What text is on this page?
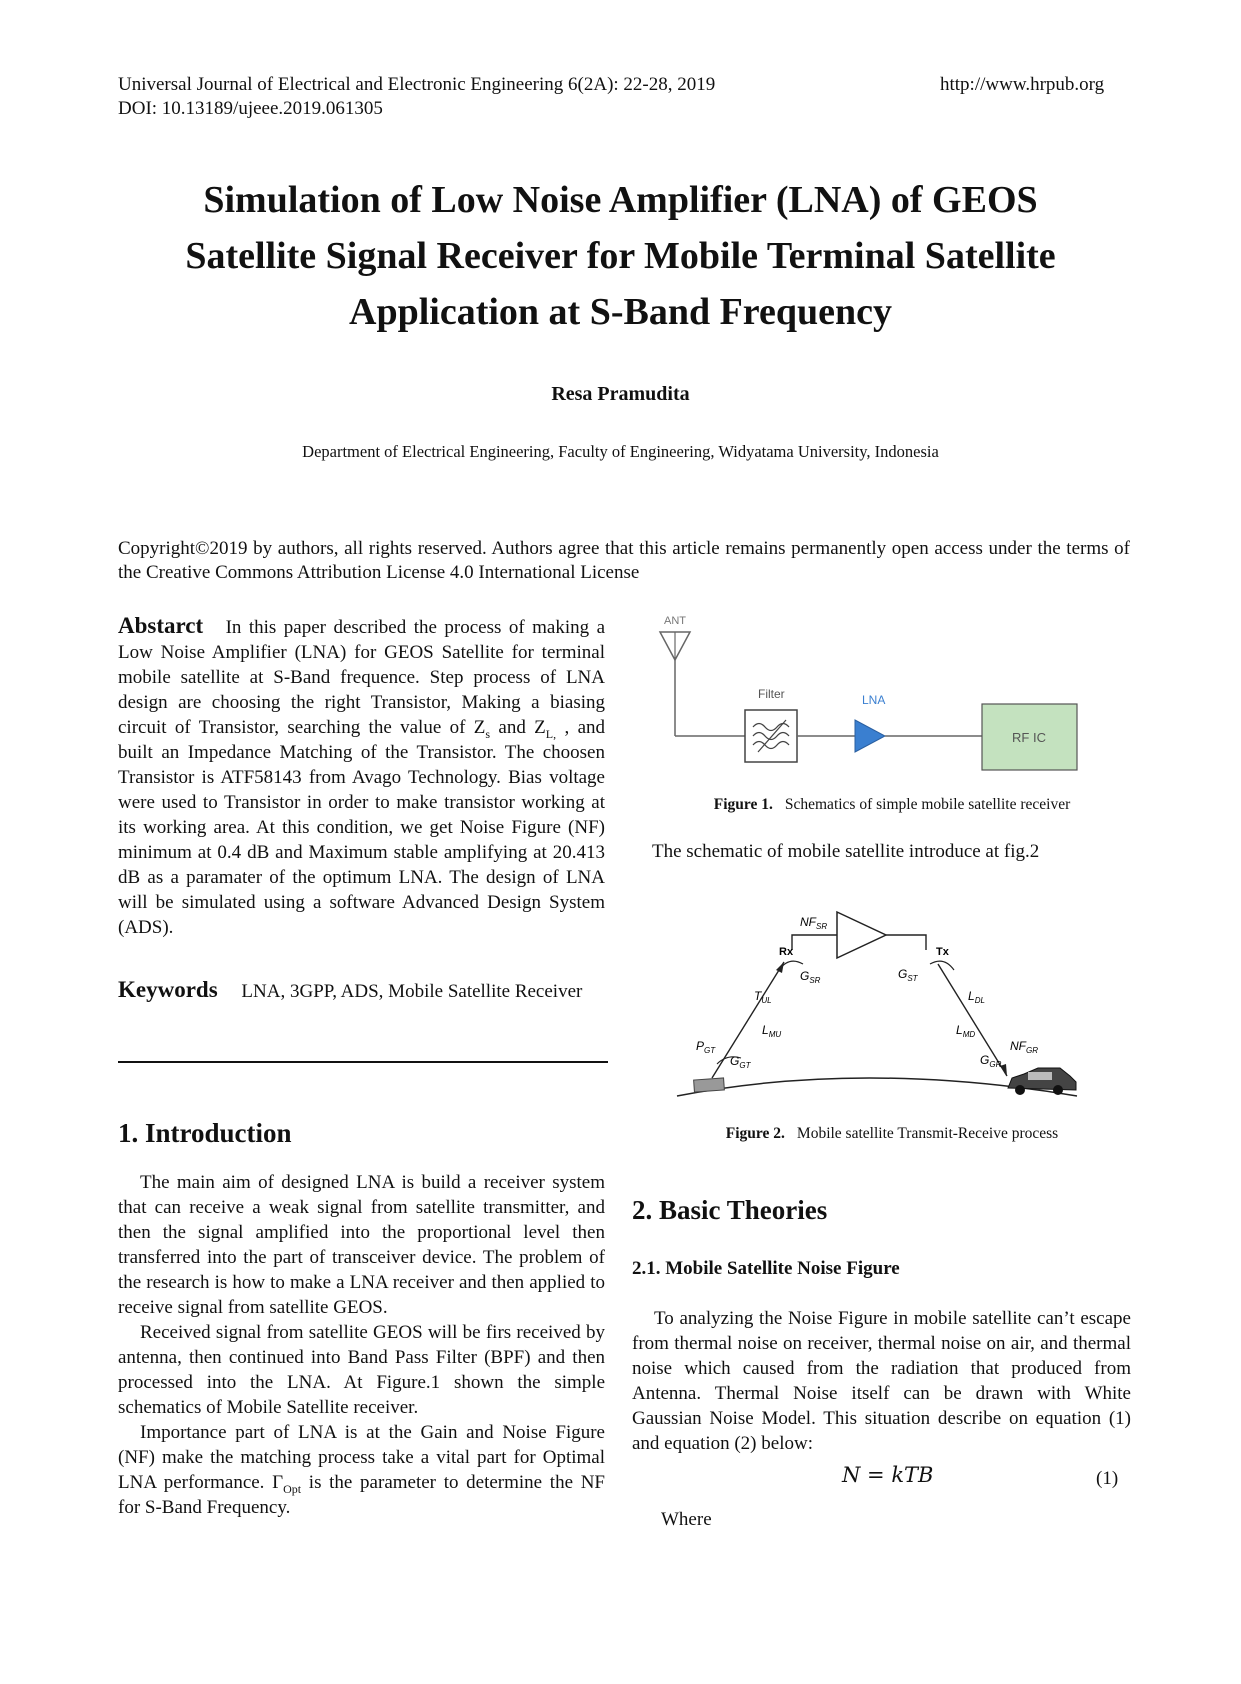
Universal Journal of Electrical and Electronic Engineering 6(2A): 22-28, 2019
DOI: 10.13189/ujeee.2019.061305
http://www.hrpub.org
Simulation of Low Noise Amplifier (LNA) of GEOS
Satellite Signal Receiver for Mobile Terminal Satellite
Application at S-Band Frequency
Resa Pramudita
Department of Electrical Engineering, Faculty of Engineering, Widyatama University, Indonesia
Copyright©2019 by authors, all rights reserved. Authors agree that this article remains permanently open access under the terms of the Creative Commons Attribution License 4.0 International License
Abstarct In this paper described the process of making a Low Noise Amplifier (LNA) for GEOS Satellite for terminal mobile satellite at S-Band frequence. Step process of LNA design are choosing the right Transistor, Making a biasing circuit of Transistor, searching the value of $Z_s$ and $Z_{L,}$ , and built an Impedance Matching of the Transistor. The choosen Transistor is ATF58143 from Avago Technology. Bias voltage were used to Transistor in order to make transistor working at its working area. At this condition, we get Noise Figure (NF) minimum at 0.4 dB and Maximum stable amplifying at 20.413 dB as a paramater of the optimum LNA. The design of LNA will be simulated using a software Advanced Design System (ADS).
Keywords LNA, 3GPP, ADS, Mobile Satellite Receiver
1. Introduction

The main aim of designed LNA is build a receiver system that can receive a weak signal from satellite transmitter, and then the signal amplified into the proportional level then transferred into the part of transceiver device. The problem of the research is how to make a LNA receiver and then applied to receive signal from satellite GEOS.

Received signal from satellite GEOS will be firs received by antenna, then continued into Band Pass Filter (BPF) and then processed into the LNA. At Figure.1 shown the simple schematics of Mobile Satellite receiver.

Importance part of LNA is at the Gain and Noise Figure (NF) make the matching process take a vital part for Optimal LNA performance. $\Gamma_{Opt}$ is the parameter to determine the NF for S-Band Frequency.

ANT
Filter	LNA
RF IC
Figure 1. Schematics of simple mobile satellite receiver
The schematic of mobile satellite introduce at fig.2
$NF_{SR}$
Rx	Tx
$G_{SR}$	$G_{ST}$
$T_{UL}$
$L_{MU}$
$L_{DL}$
$L_{MD}$
$P_{GT}$
$G_{GT}$
$NF_{GR}$
$G_{GR}$
Figure 2. Mobile satellite Transmit-Receive process
2. Basic Theories
2.1. Mobile Satellite Noise Figure

To analyzing the Noise Figure in mobile satellite can’t escape from thermal noise on receiver, thermal noise on air, and thermal noise which caused from the radiation that produced from Antenna. Thermal Noise itself can be drawn with White Gaussian Noise Model. This situation describe on equation (1) and equation (2) below:

N = kTB	(1)
Where
